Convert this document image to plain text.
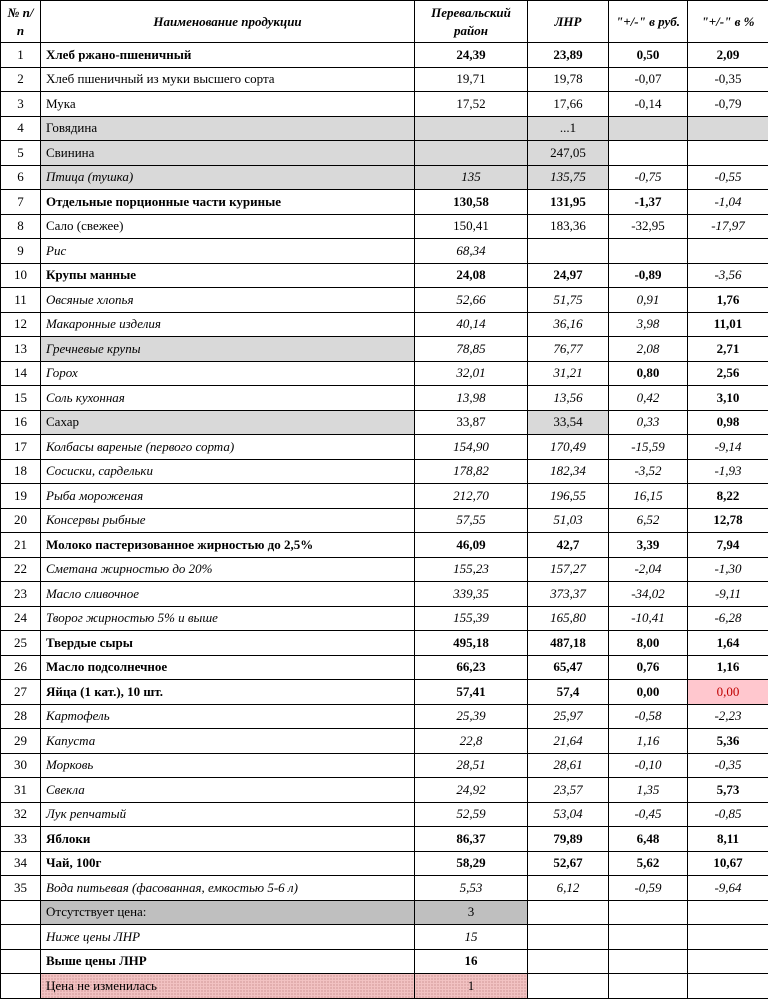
№ п/п	Наименование продукции	Перевальский район	ЛНР	"+/-" в руб.	"+/-" в %
1	Хлеб ржано-пшеничный	24,39	23,89	0,50	2,09
2	Хлеб пшеничный из муки высшего сорта	19,71	19,78	-0,07	-0,35
3	Мука	17,52	17,66	-0,14	-0,79
4	Говядина		...1		
5	Свинина		247,05		
6	Птица (тушка)	135	135,75	-0,75	-0,55
7	Отдельные порционные части куриные	130,58	131,95	-1,37	-1,04
8	Сало (свежее)	150,41	183,36	-32,95	-17,97
9	Рис	68,34			
10	Крупы манные	24,08	24,97	-0,89	-3,56
11	Овсяные хлопья	52,66	51,75	0,91	1,76
12	Макаронные изделия	40,14	36,16	3,98	11,01
13	Гречневые крупы	78,85	76,77	2,08	2,71
14	Горох	32,01	31,21	0,80	2,56
15	Соль кухонная	13,98	13,56	0,42	3,10
16	Сахар	33,87	33,54	0,33	0,98
17	Колбасы вареные (первого сорта)	154,90	170,49	-15,59	-9,14
18	Сосиски, сардельки	178,82	182,34	-3,52	-1,93
19	Рыба мороженая	212,70	196,55	16,15	8,22
20	Консервы рыбные	57,55	51,03	6,52	12,78
21	Молоко пастеризованное жирностью до 2,5%	46,09	42,7	3,39	7,94
22	Сметана жирностью до 20%	155,23	157,27	-2,04	-1,30
23	Масло сливочное	339,35	373,37	-34,02	-9,11
24	Творог жирностью 5% и выше	155,39	165,80	-10,41	-6,28
25	Твердые сыры	495,18	487,18	8,00	1,64
26	Масло подсолнечное	66,23	65,47	0,76	1,16
27	Яйца (1 кат.), 10 шт.	57,41	57,4	0,00	0,00
28	Картофель	25,39	25,97	-0,58	-2,23
29	Капуста	22,8	21,64	1,16	5,36
30	Морковь	28,51	28,61	-0,10	-0,35
31	Свекла	24,92	23,57	1,35	5,73
32	Лук репчатый	52,59	53,04	-0,45	-0,85
33	Яблоки	86,37	79,89	6,48	8,11
34	Чай, 100г	58,29	52,67	5,62	10,67
35	Вода питьевая (фасованная, емкостью 5-6 л)	5,53	6,12	-0,59	-9,64
	Отсутствует цена:	3			
	Ниже цены ЛНР	15			
	Выше цены ЛНР	16			
	Цена не изменилась	1			
